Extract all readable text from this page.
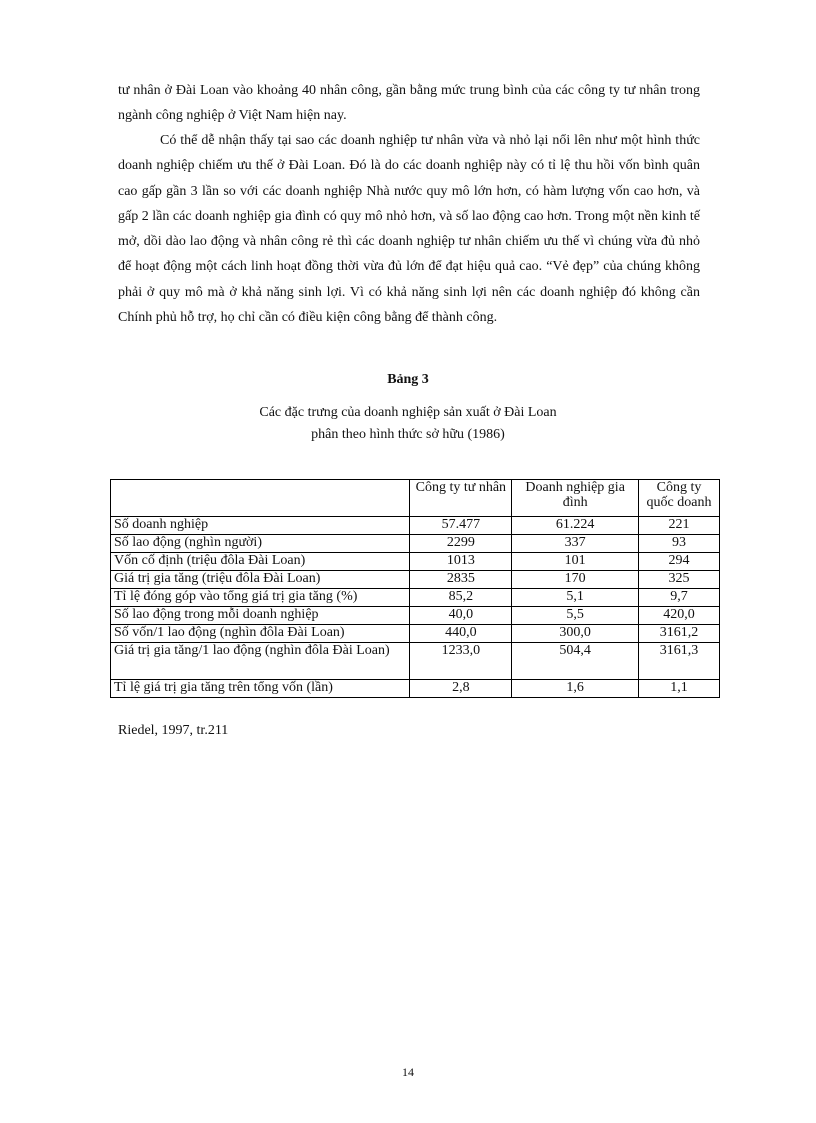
tư nhân ở Đài Loan vào khoảng 40 nhân công, gần bằng mức trung bình của các công ty tư nhân trong ngành công nghiệp ở Việt Nam hiện nay.

Có thể dễ nhận thấy tại sao các doanh nghiệp tư nhân vừa và nhỏ lại nổi lên như một hình thức doanh nghiệp chiếm ưu thế ở Đài Loan. Đó là do các doanh nghiệp này có tỉ lệ thu hồi vốn bình quân cao gấp gần 3 lần so với các doanh nghiệp Nhà nước quy mô lớn hơn, có hàm lượng vốn cao hơn, và gấp 2 lần các doanh nghiệp gia đình có quy mô nhỏ hơn, và số lao động cao hơn. Trong một nền kinh tế mở, dồi dào lao động và nhân công rẻ thì các doanh nghiệp tư nhân chiếm ưu thế vì chúng vừa đủ nhỏ để hoạt động một cách linh hoạt đồng thời vừa đủ lớn để đạt hiệu quả cao. “Vẻ đẹp” của chúng không phải ở quy mô mà ở khả năng sinh lợi. Vì có khả năng sinh lợi nên các doanh nghiệp đó không cần Chính phủ hỗ trợ, họ chỉ cần có điều kiện công bằng để thành công.

Bảng 3

Các đặc trưng của doanh nghiệp sản xuất ở Đài Loan

phân theo hình thức sở hữu (1986)

	Công ty tư nhân	Doanh nghiệp gia đình	Công ty quốc doanh
Số doanh nghiệp	57.477	61.224	221
Số lao động (nghìn người)	2299	337	93
Vốn cố định (triệu đôla Đài Loan)	1013	101	294
Giá trị gia tăng (triệu đôla Đài Loan)	2835	170	325
Tỉ lệ đóng góp vào tổng giá trị gia tăng (%)	85,2	5,1	9,7
Số lao động trong mỗi doanh nghiệp	40,0	5,5	420,0
Số vốn/1 lao động (nghìn đôla Đài Loan)	440,0	300,0	3161,2
Giá trị gia tăng/1 lao động (nghìn đôla Đài Loan)	1233,0	504,4	3161,3
Tỉ lệ giá trị gia tăng trên tổng vốn (lần)	2,8	1,6	1,1

Riedel, 1997, tr.211

14
